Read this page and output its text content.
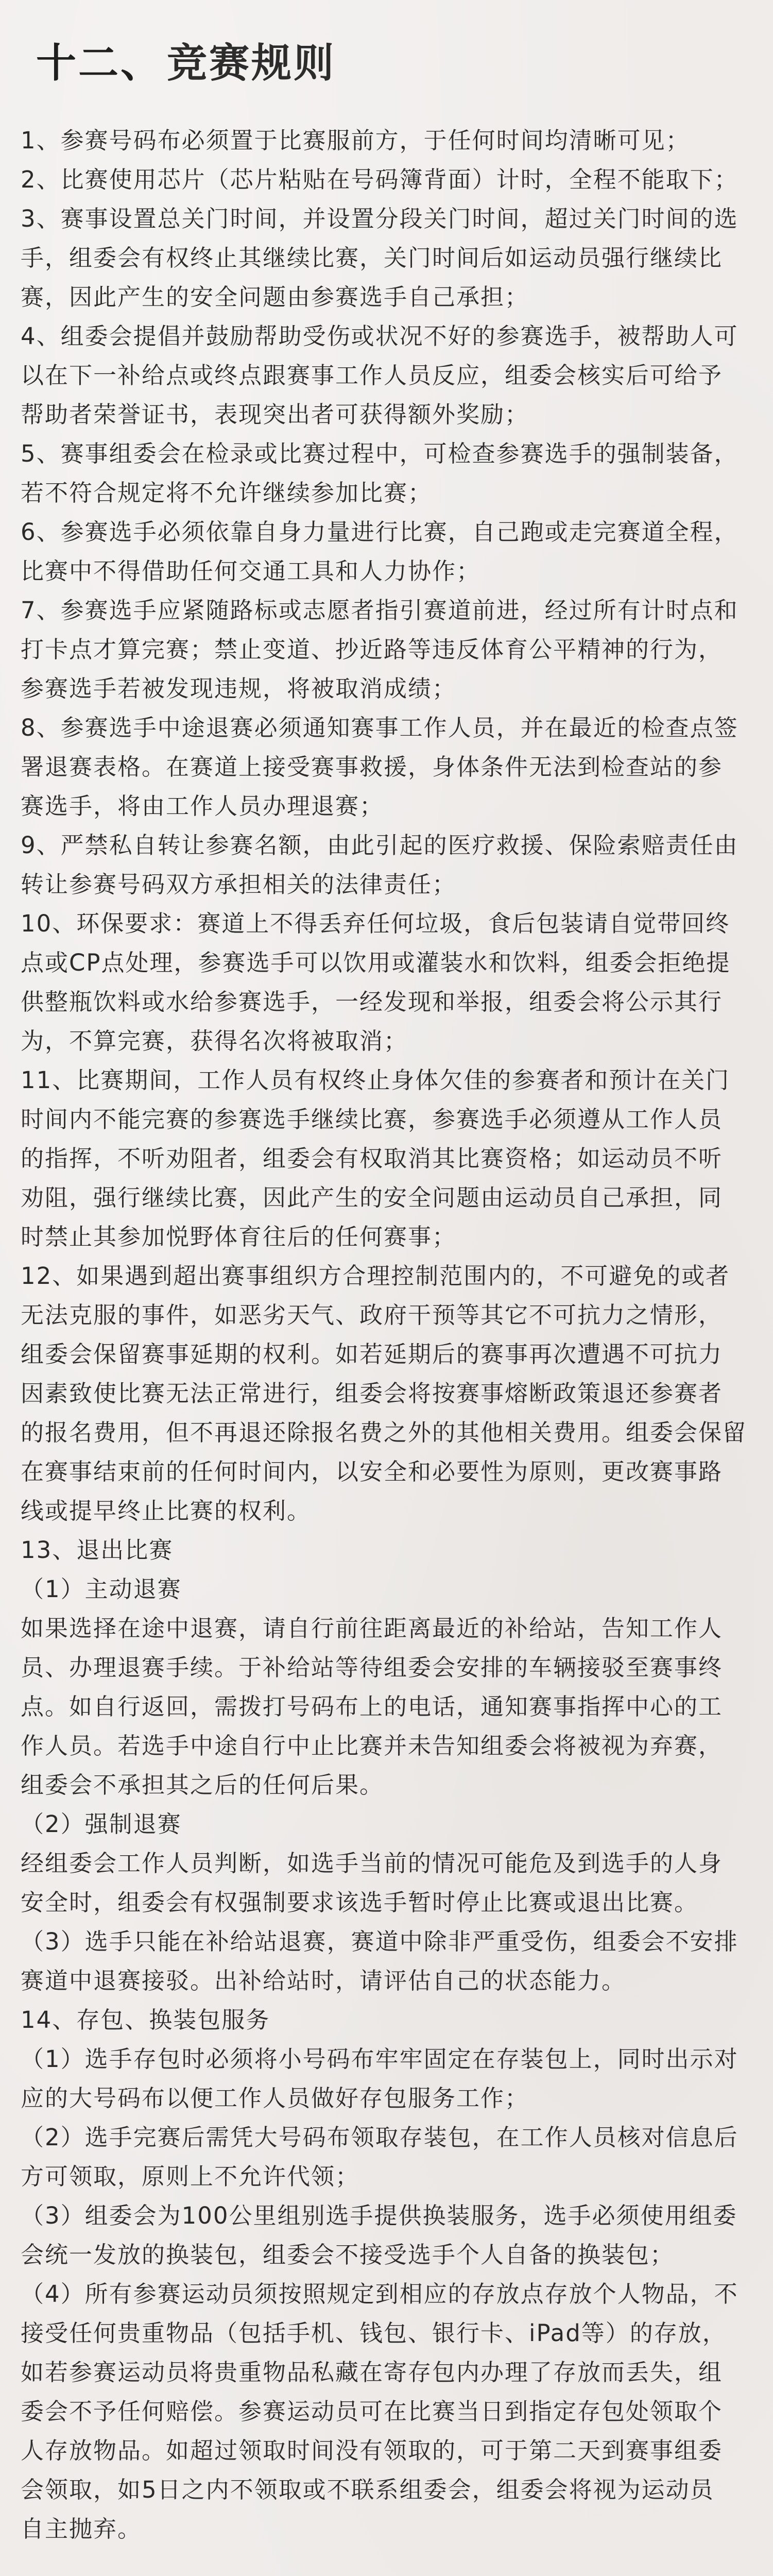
十二、 竞赛规则
1、参赛号码布必须置于比赛服前方，于任何时间均清晰可见；
2、比赛使用芯片（芯片粘贴在号码簿背面）计时，全程不能取下；
3、赛事设置总关门时间，并设置分段关门时间，超过关门时间的选
手，组委会有权终止其继续比赛，关门时间后如运动员强行继续比
赛，因此产生的安全问题由参赛选手自己承担；
4、组委会提倡并鼓励帮助受伤或状况不好的参赛选手，被帮助人可
以在下一补给点或终点跟赛事工作人员反应，组委会核实后可给予
帮助者荣誉证书，表现突出者可获得额外奖励；
5、赛事组委会在检录或比赛过程中，可检查参赛选手的强制装备，
若不符合规定将不允许继续参加比赛；
6、参赛选手必须依靠自身力量进行比赛，自己跑或走完赛道全程，
比赛中不得借助任何交通工具和人力协作；
7、参赛选手应紧随路标或志愿者指引赛道前进，经过所有计时点和
打卡点才算完赛；禁止变道、抄近路等违反体育公平精神的行为，
参赛选手若被发现违规，将被取消成绩；
8、参赛选手中途退赛必须通知赛事工作人员，并在最近的检查点签
署退赛表格。在赛道上接受赛事救援，身体条件无法到检查站的参
赛选手，将由工作人员办理退赛；
9、严禁私自转让参赛名额，由此引起的医疗救援、保险索赔责任由
转让参赛号码双方承担相关的法律责任；
10、环保要求：赛道上不得丢弃任何垃圾，食后包装请自觉带回终
点或CP点处理，参赛选手可以饮用或灌装水和饮料，组委会拒绝提
供整瓶饮料或水给参赛选手，一经发现和举报，组委会将公示其行
为，不算完赛，获得名次将被取消；
11、比赛期间，工作人员有权终止身体欠佳的参赛者和预计在关门
时间内不能完赛的参赛选手继续比赛，参赛选手必须遵从工作人员
的指挥，不听劝阻者，组委会有权取消其比赛资格；如运动员不听
劝阻，强行继续比赛，因此产生的安全问题由运动员自己承担，同
时禁止其参加悦野体育往后的任何赛事；
12、如果遇到超出赛事组织方合理控制范围内的，不可避免的或者
无法克服的事件，如恶劣天气、政府干预等其它不可抗力之情形，
组委会保留赛事延期的权利。如若延期后的赛事再次遭遇不可抗力
因素致使比赛无法正常进行，组委会将按赛事熔断政策退还参赛者
的报名费用，但不再退还除报名费之外的其他相关费用。组委会保留
在赛事结束前的任何时间内，以安全和必要性为原则，更改赛事路
线或提早终止比赛的权利。
13、退出比赛
（1）主动退赛
如果选择在途中退赛，请自行前往距离最近的补给站，告知工作人
员、办理退赛手续。于补给站等待组委会安排的车辆接驳至赛事终
点。如自行返回，需拨打号码布上的电话，通知赛事指挥中心的工
作人员。若选手中途自行中止比赛并未告知组委会将被视为弃赛，
组委会不承担其之后的任何后果。
（2）强制退赛
经组委会工作人员判断，如选手当前的情况可能危及到选手的人身
安全时，组委会有权强制要求该选手暂时停止比赛或退出比赛。
（3）选手只能在补给站退赛，赛道中除非严重受伤，组委会不安排
赛道中退赛接驳。出补给站时，请评估自己的状态能力。
14、存包、换装包服务
（1）选手存包时必须将小号码布牢牢固定在存装包上，同时出示对
应的大号码布以便工作人员做好存包服务工作；
（2）选手完赛后需凭大号码布领取存装包，在工作人员核对信息后
方可领取，原则上不允许代领；
（3）组委会为100公里组别选手提供换装服务，选手必须使用组委
会统一发放的换装包，组委会不接受选手个人自备的换装包；
（4）所有参赛运动员须按照规定到相应的存放点存放个人物品，不
接受任何贵重物品（包括手机、钱包、银行卡、iPad等）的存放，
如若参赛运动员将贵重物品私藏在寄存包内办理了存放而丢失，组
委会不予任何赔偿。参赛运动员可在比赛当日到指定存包处领取个
人存放物品。如超过领取时间没有领取的，可于第二天到赛事组委
会领取，如5日之内不领取或不联系组委会，组委会将视为运动员
自主抛弃。
